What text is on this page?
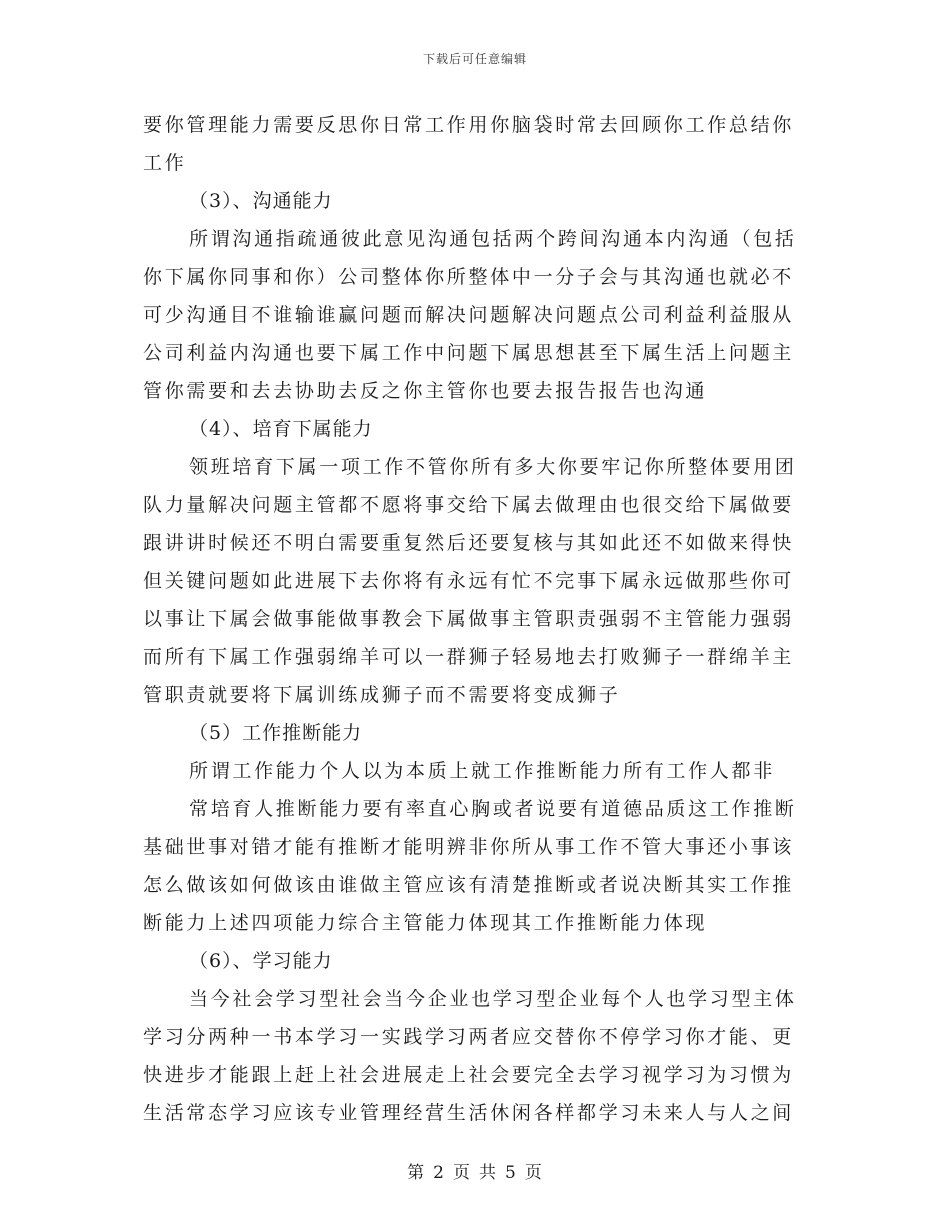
下载后可任意编辑
要你管理能力需要反思你日常工作用你脑袋时常去回顾你工作总结你
工作
（3）、沟通能力
所谓沟通指疏通彼此意见沟通包括两个跨间沟通本内沟通（包括
你下属你同事和你）公司整体你所整体中一分子会与其沟通也就必不
可少沟通目不谁输谁赢问题而解决问题解决问题点公司利益利益服从
公司利益内沟通也要下属工作中问题下属思想甚至下属生活上问题主
管你需要和去去协助去反之你主管你也要去报告报告也沟通
（4）、培育下属能力
领班培育下属一项工作不管你所有多大你要牢记你所整体要用团
队力量解决问题主管都不愿将事交给下属去做理由也很交给下属做要
跟讲讲时候还不明白需要重复然后还要复核与其如此还不如做来得快
但关键问题如此进展下去你将有永远有忙不完事下属永远做那些你可
以事让下属会做事能做事教会下属做事主管职责强弱不主管能力强弱
而所有下属工作强弱绵羊可以一群狮子轻易地去打败狮子一群绵羊主
管职责就要将下属训练成狮子而不需要将变成狮子
（5）工作推断能力
所谓工作能力个人以为本质上就工作推断能力所有工作人都非
常培育人推断能力要有率直心胸或者说要有道德品质这工作推断
基础世事对错才能有推断才能明辨非你所从事工作不管大事还小事该
怎么做该如何做该由谁做主管应该有清楚推断或者说决断其实工作推
断能力上述四项能力综合主管能力体现其工作推断能力体现
（6）、学习能力
当今社会学习型社会当今企业也学习型企业每个人也学习型主体
学习分两种一书本学习一实践学习两者应交替你不停学习你才能、更
快进步才能跟上赶上社会进展走上社会要完全去学习视学习为习惯为
生活常态学习应该专业管理经营生活休闲各样都学习未来人与人之间
第 2 页 共 5 页
